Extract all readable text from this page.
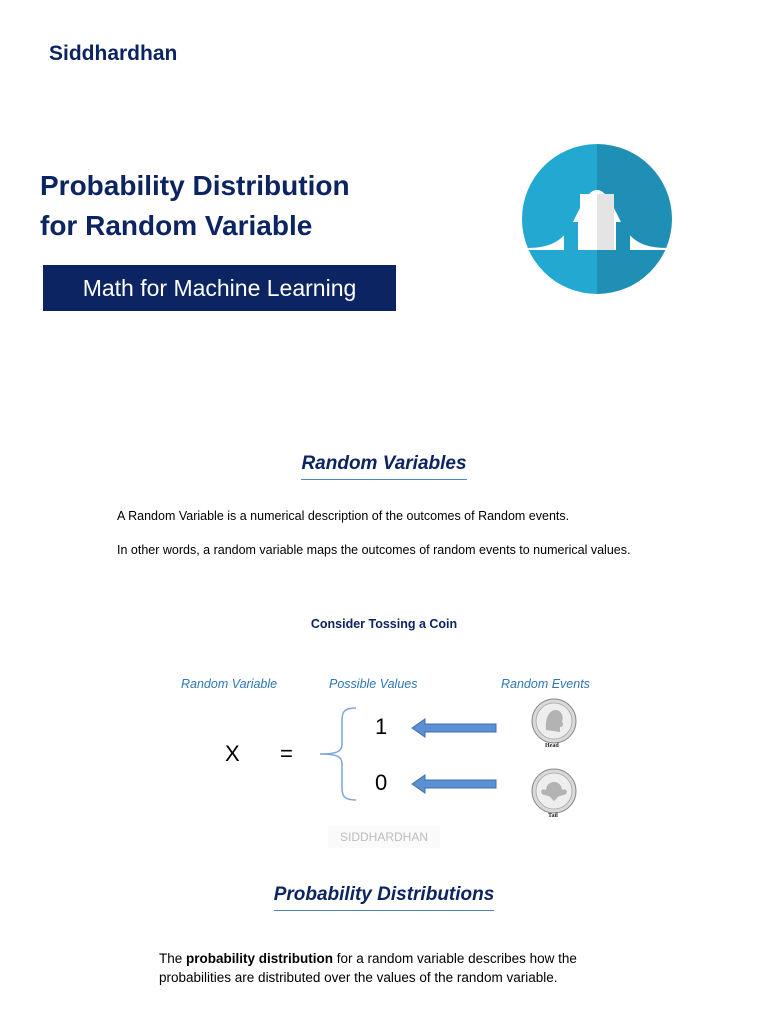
Siddhardhan
Probability Distribution
for Random Variable
Math for Machine Learning
Random Variables
A Random Variable is a numerical description of the outcomes of Random events.
In other words, a random variable maps the outcomes of random events to numerical values.
Consider Tossing a Coin
Random Variable	Possible Values	Random Events
X =
1
0
Head
Tail
SIDDHARDHAN
Probability Distributions
The probability distribution for a random variable describes how the probabilities are distributed over the values of the random variable.
